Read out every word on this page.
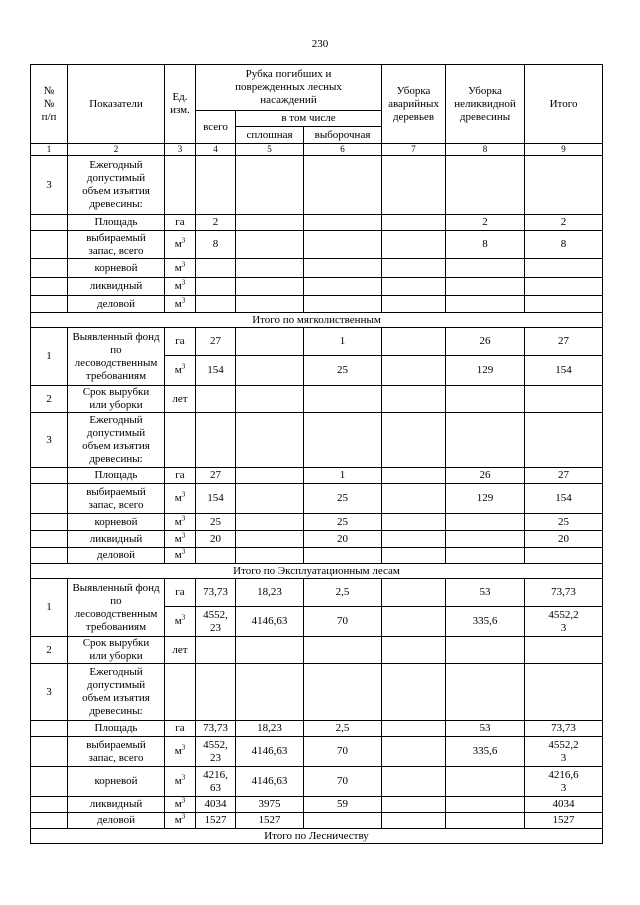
230
№
№
п/п	Показатели	Ед.
изм.	Рубка погибших и
поврежденных лесных
насаждений			Уборка
аварийных
деревьев	Уборка
неликвидной
древесины	Итого
			всего	в том числе				
				сплошная	выборочная			
1	2	3	4	5	6	7	8	9
3	Ежегодный
допустимый
объем изъятия
древесины:							
	Площадь	га	2				2	2
	выбираемый
запас, всего	$м^3$	8				8	8
	корневой	$м^3$						
	ликвидный	$м^3$						
	деловой	$м^3$						
Итого по мягколиственным								
1	Выявленный фонд
по
лесоводственным
требованиям	га	27		1		26	27
		$м^3$	154		25		129	154
2	Срок вырубки
или уборки	лет						
3	Ежегодный
допустимый
объем изъятия
древесины:							
	Площадь	га	27		1		26	27
	выбираемый
запас, всего	$м^3$	154		25		129	154
	корневой	$м^3$	25		25			25
	ликвидный	$м^3$	20		20			20
	деловой	$м^3$						
Итого по Эксплуатационным лесам								
1	Выявленный фонд
по
лесоводственным
требованиям	га	73,73	18,23	2,5		53	73,73
		$м^3$	4552,
23	4146,63	70		335,6	4552,2
3
2	Срок вырубки
или уборки	лет						
3	Ежегодный
допустимый
объем изъятия
древесины:							
	Площадь	га	73,73	18,23	2,5		53	73,73
	выбираемый
запас, всего	$м^3$	4552,
23	4146,63	70		335,6	4552,2
3
	корневой	$м^3$	4216,
63	4146,63	70			4216,6
3
	ликвидный	$м^3$	4034	3975	59			4034
	деловой	$м^3$	1527	1527				1527
Итого по Лесничеству								
